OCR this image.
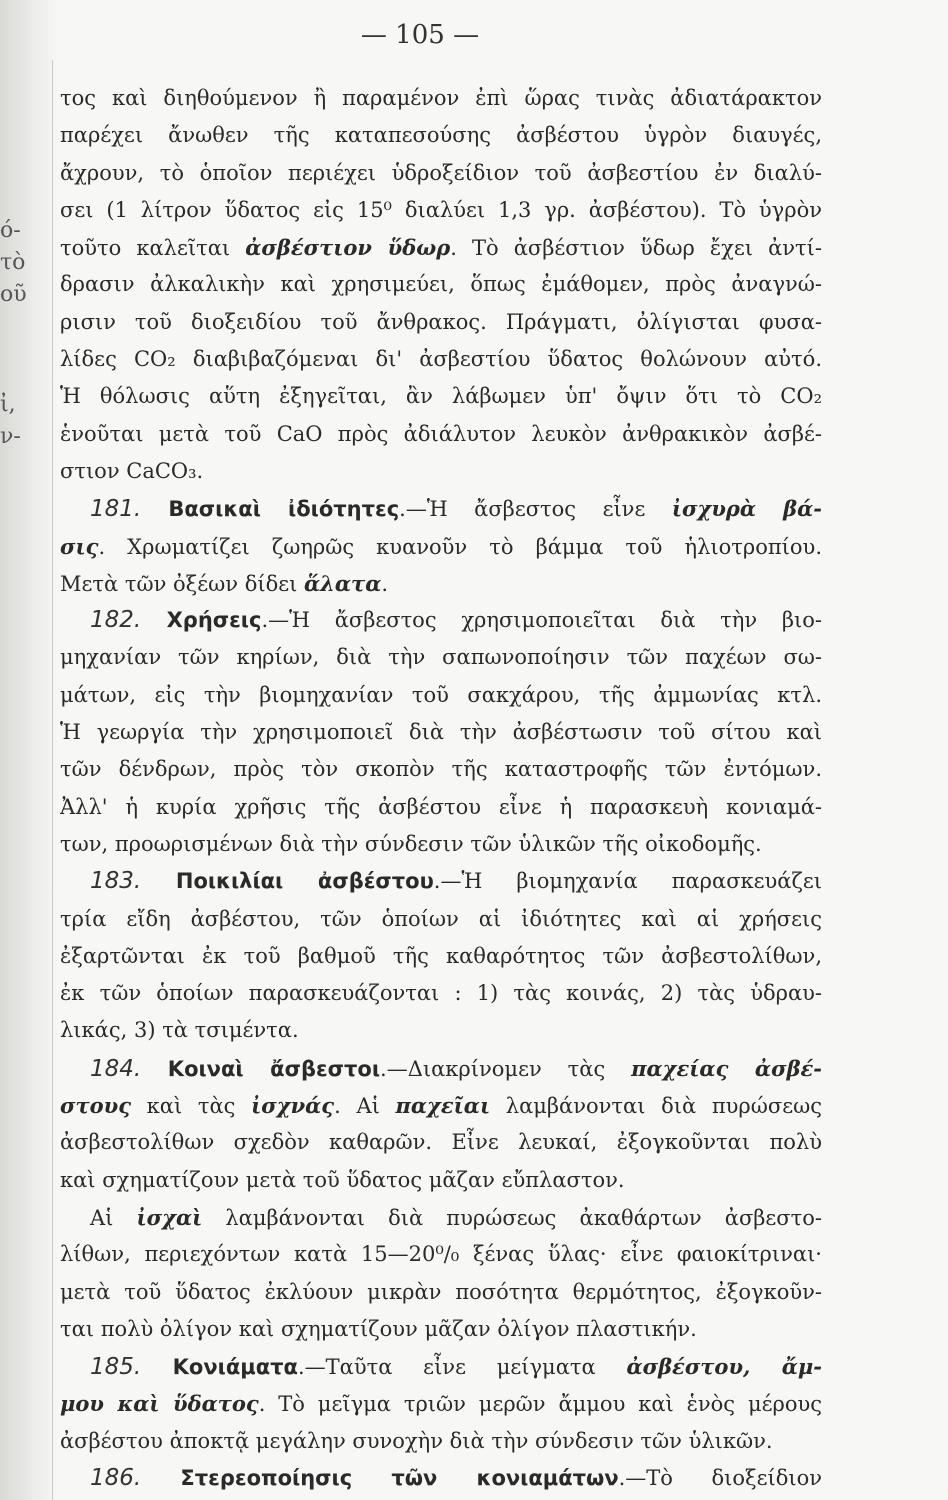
ό-
τὸ
οῦ
ἰ,
ν-
— 105 —
τος καὶ διηθούμενον ἢ παραμένον ἐπὶ ὥρας τινὰς ἀδιατάρακτον
παρέχει ἄνωθεν τῆς καταπεσούσης ἀσβέστου ὑγρὸν διαυγές,
ἄχρουν, τὸ ὁποῖον περιέχει ὑδροξείδιον τοῦ ἀσβεστίου ἐν διαλύ-
σει (1 λίτρον ὕδατος εἰς 15⁰ διαλύει 1,3 γρ. ἀσβέστου). Τὸ ὑγρὸν
τοῦτο καλεῖται ἀσβέστιον ὕδωρ. Τὸ ἀσβέστιον ὕδωρ ἔχει ἀντί-
δρασιν ἀλκαλικὴν καὶ χρησιμεύει, ὅπως ἐμάθομεν, πρὸς ἀναγνώ-
ρισιν τοῦ διοξειδίου τοῦ ἄνθρακος. Πράγματι, ὀλίγισται φυσα-
λίδες CO₂ διαβιβαζόμεναι δι' ἀσβεστίου ὕδατος θολώνουν αὐτό.
Ἡ θόλωσις αὕτη ἐξηγεῖται, ἂν λάβωμεν ὑπ' ὄψιν ὅτι τὸ CO₂
ἑνοῦται μετὰ τοῦ CaO πρὸς ἀδιάλυτον λευκὸν ἀνθρακικὸν ἀσβέ-
στιον CaCO₃.
181. Βασικαὶ ἰδιότητες.—Ἡ ἄσβεστος εἶνε ἰσχυρὰ βά-
σις. Χρωματίζει ζωηρῶς κυανοῦν τὸ βάμμα τοῦ ἡλιοτροπίου.
Μετὰ τῶν ὀξέων δίδει ἅλατα.
182. Χρήσεις.—Ἡ ἄσβεστος χρησιμοποιεῖται διὰ τὴν βιο-
μηχανίαν τῶν κηρίων, διὰ τὴν σαπωνοποίησιν τῶν παχέων σω-
μάτων, εἰς τὴν βιομηχανίαν τοῦ σακχάρου, τῆς ἀμμωνίας κτλ.
Ἡ γεωργία τὴν χρησιμοποιεῖ διὰ τὴν ἀσβέστωσιν τοῦ σίτου καὶ
τῶν δένδρων, πρὸς τὸν σκοπὸν τῆς καταστροφῆς τῶν ἐντόμων.
Ἀλλ' ἡ κυρία χρῆσις τῆς ἀσβέστου εἶνε ἡ παρασκευὴ κονιαμά-
των, προωρισμένων διὰ τὴν σύνδεσιν τῶν ὑλικῶν τῆς οἰκοδομῆς.
183. Ποικιλίαι ἀσβέστου.—Ἡ βιομηχανία παρασκευάζει
τρία εἴδη ἀσβέστου, τῶν ὁποίων αἱ ἰδιότητες καὶ αἱ χρήσεις
ἐξαρτῶνται ἐκ τοῦ βαθμοῦ τῆς καθαρότητος τῶν ἀσβεστολίθων,
ἐκ τῶν ὁποίων παρασκευάζονται : 1) τὰς κοινάς, 2) τὰς ὑδραυ-
λικάς, 3) τὰ τσιμέντα.
184. Κοιναὶ ἄσβεστοι.—Διακρίνομεν τὰς παχείας ἀσβέ-
στους καὶ τὰς ἰσχνάς. Αἱ παχεῖαι λαμβάνονται διὰ πυρώσεως
ἀσβεστολίθων σχεδὸν καθαρῶν. Εἶνε λευκαί, ἐξογκοῦνται πολὺ
καὶ σχηματίζουν μετὰ τοῦ ὕδατος μᾶζαν εὔπλαστον.
Αἱ ἰσχαὶ λαμβάνονται διὰ πυρώσεως ἀκαθάρτων ἀσβεστο-
λίθων, περιεχόντων κατὰ 15—20⁰/₀ ξένας ὕλας· εἶνε φαιοκίτριναι·
μετὰ τοῦ ὕδατος ἐκλύουν μικρὰν ποσότητα θερμότητος, ἐξογκοῦν-
ται πολὺ ὀλίγον καὶ σχηματίζουν μᾶζαν ὀλίγον πλαστικήν.
185. Κονιάματα.—Ταῦτα εἶνε μείγματα ἀσβέστου, ἄμ-
μου καὶ ὕδατος. Τὸ μεῖγμα τριῶν μερῶν ἄμμου καὶ ἑνὸς μέρους
ἀσβέστου ἀποκτᾷ μεγάλην συνοχὴν διὰ τὴν σύνδεσιν τῶν ὑλικῶν.
186. Στερεοποίησις τῶν κονιαμάτων.—Τὸ διοξείδιον
